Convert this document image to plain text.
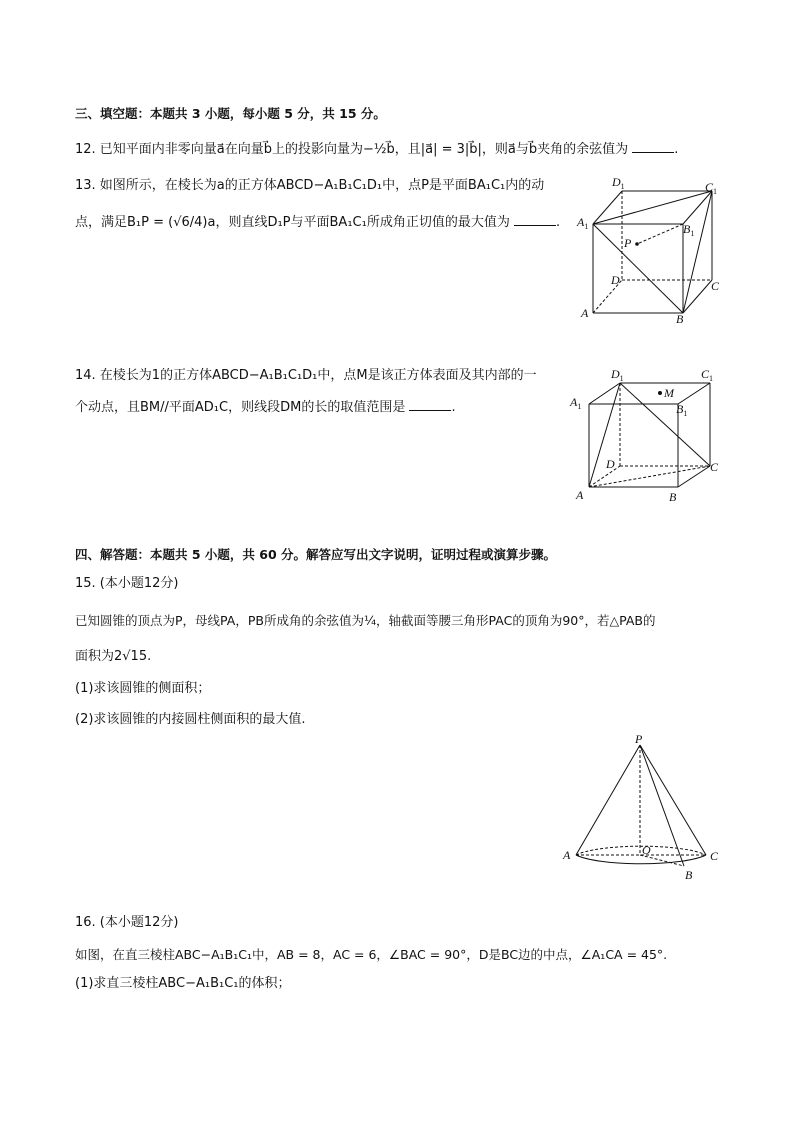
三、填空题：本题共 3 小题，每小题 5 分，共 15 分。
12. 已知平面内非零向量a⃗在向量b⃗上的投影向量为−½b⃗，且|a⃗| = 3|b⃗|，则a⃗与b⃗夹角的余弦值为	.
13. 如图所示，在棱长为a的正方体ABCD−A₁B₁C₁D₁中，点P是平面BA₁C₁内的动
点，满足B₁P = (√6/4)a，则直线D₁P与平面BA₁C₁所成角正切值的最大值为	.
$D_1$	$C_1$
$A_1$	$B_1$
P
D	C
A	B
14. 在棱长为1的正方体ABCD−A₁B₁C₁D₁中，点M是该正方体表面及其内部的一
个动点，且BM//平面AD₁C，则线段DM的长的取值范围是	.
$D_1$	$C_1$
$A_1$	$B_1$
M
D	C
A	B
四、解答题：本题共 5 小题，共 60 分。解答应写出文字说明，证明过程或演算步骤。
15. (本小题12分)
已知圆锥的顶点为P，母线PA，PB所成角的余弦值为¼，轴截面等腰三角形PAC的顶角为90°，若△PAB的
面积为2√15.
(1)求该圆锥的侧面积；
(2)求该圆锥的内接圆柱侧面积的最大值.
P
A	O	C
B
16. (本小题12分)
如图，在直三棱柱ABC−A₁B₁C₁中，AB = 8，AC = 6，∠BAC = 90°，D是BC边的中点，∠A₁CA = 45°.
(1)求直三棱柱ABC−A₁B₁C₁的体积；
